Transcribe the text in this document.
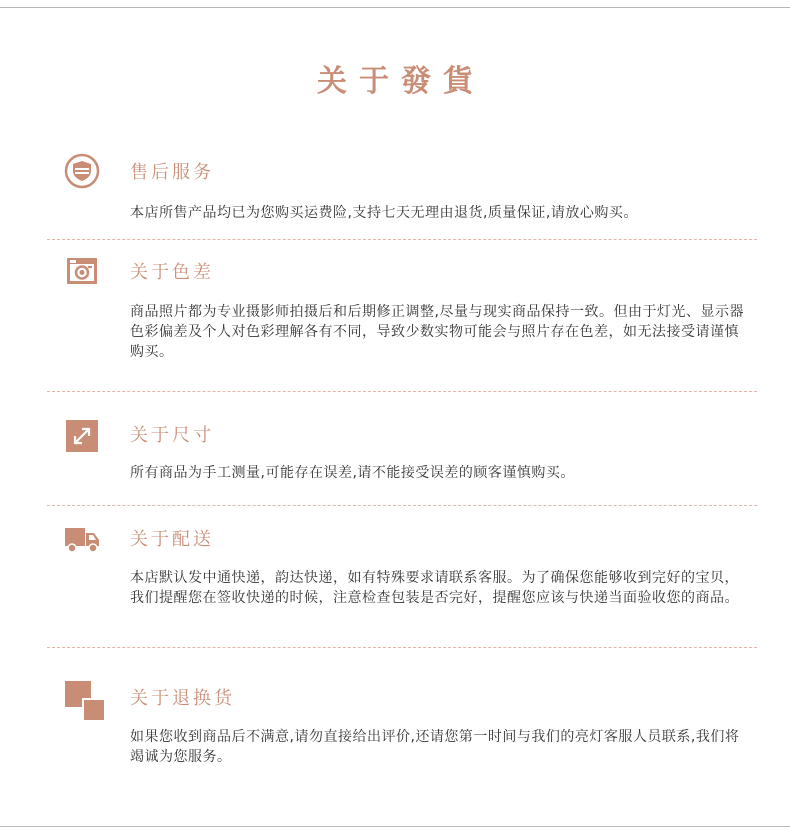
关于發貨
售后服务
本店所售产品均已为您购买运费险,支持七天无理由退货,质量保证,请放心购买。
关于色差
商品照片都为专业摄影师拍摄后和后期修正调整,尽量与现实商品保持一致。但由于灯光、显示器色彩偏差及个人对色彩理解各有不同，导致少数实物可能会与照片存在色差，如无法接受请谨慎购买。
关于尺寸
所有商品为手工测量,可能存在误差,请不能接受误差的顾客谨慎购买。
关于配送
本店默认发中通快递，韵达快递，如有特殊要求请联系客服。为了确保您能够收到完好的宝贝，我们提醒您在签收快递的时候，注意检查包装是否完好，提醒您应该与快递当面验收您的商品。
关于退换货
如果您收到商品后不满意,请勿直接给出评价,还请您第一时间与我们的亮灯客服人员联系,我们将竭诚为您服务。
